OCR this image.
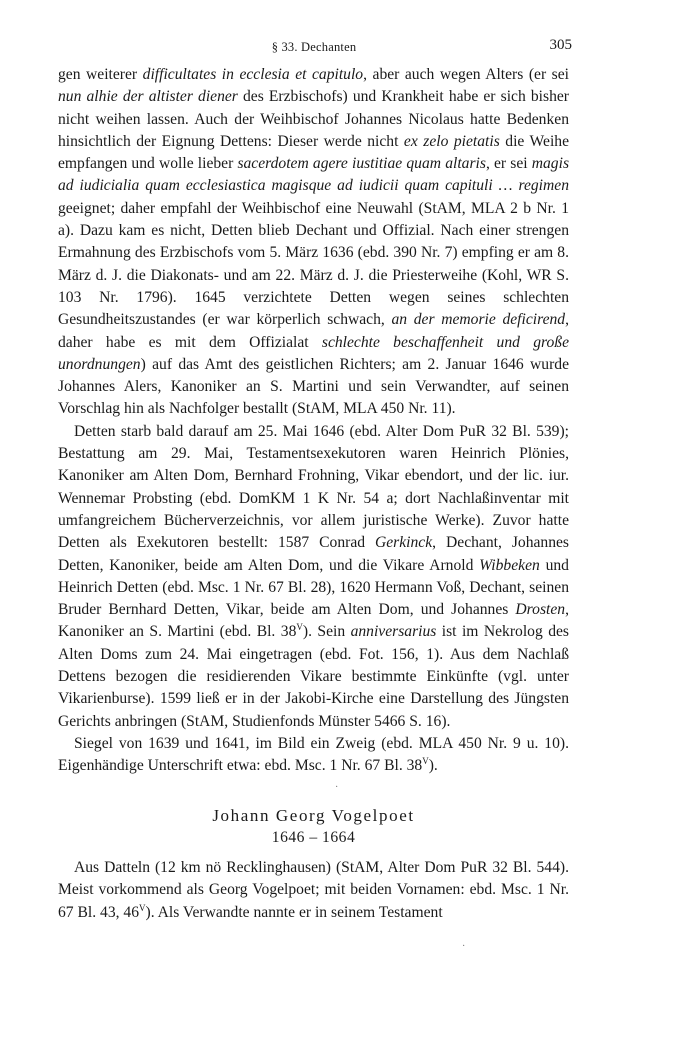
§ 33. Dechanten	305

gen weiterer difficultates in ecclesia et capitulo, aber auch wegen Alters (er sei nun alhie der altister diener des Erzbischofs) und Krankheit habe er sich bisher nicht weihen lassen. Auch der Weihbischof Johannes Nicolaus hatte Bedenken hinsichtlich der Eignung Dettens: Dieser werde nicht ex zelo pietatis die Weihe empfangen und wolle lieber sacerdotem agere iustitiae quam altaris, er sei magis ad iudicialia quam ecclesiastica magisque ad iudicii quam capituli … regimen geeignet; daher empfahl der Weihbischof eine Neuwahl (StAM, MLA 2 b Nr. 1 a). Dazu kam es nicht, Detten blieb Dechant und Offizial. Nach einer strengen Ermahnung des Erzbischofs vom 5. März 1636 (ebd. 390 Nr. 7) empfing er am 8. März d. J. die Diakonats- und am 22. März d. J. die Priesterweihe (Kohl, WR S. 103 Nr. 1796). 1645 verzichtete Detten wegen seines schlechten Gesundheitszustandes (er war körperlich schwach, an der memorie deficirend, daher habe es mit dem Offizialat schlechte beschaffenheit und große unordnungen) auf das Amt des geistlichen Richters; am 2. Januar 1646 wurde Johannes Alers, Kanoniker an S. Martini und sein Verwandter, auf seinen Vorschlag hin als Nachfolger bestallt (StAM, MLA 450 Nr. 11).

Detten starb bald darauf am 25. Mai 1646 (ebd. Alter Dom PuR 32 Bl. 539); Bestattung am 29. Mai, Testamentsexekutoren waren Heinrich Plönies, Kanoniker am Alten Dom, Bernhard Frohning, Vikar ebendort, und der lic. iur. Wennemar Probsting (ebd. DomKM 1 K Nr. 54 a; dort Nachlaßinventar mit umfangreichem Bücherverzeichnis, vor allem juristische Werke). Zuvor hatte Detten als Exekutoren bestellt: 1587 Conrad Gerkinck, Dechant, Johannes Detten, Kanoniker, beide am Alten Dom, und die Vikare Arnold Wibbeken und Heinrich Detten (ebd. Msc. 1 Nr. 67 Bl. 28), 1620 Hermann Voß, Dechant, seinen Bruder Bernhard Detten, Vikar, beide am Alten Dom, und Johannes Drosten, Kanoniker an S. Martini (ebd. Bl. $38^V$). Sein anniversarius ist im Nekrolog des Alten Doms zum 24. Mai eingetragen (ebd. Fot. 156, 1). Aus dem Nachlaß Dettens bezogen die residierenden Vikare bestimmte Einkünfte (vgl. unter Vikarienburse). 1599 ließ er in der Jakobi-Kirche eine Darstellung des Jüngsten Gerichts anbringen (StAM, Studienfonds Münster 5466 S. 16).

Siegel von 1639 und 1641, im Bild ein Zweig (ebd. MLA 450 Nr. 9 u. 10). Eigenhändige Unterschrift etwa: ebd. Msc. 1 Nr. 67 Bl. $38^V$).

·
Johann Georg Vogelpoet
1646 – 1664

Aus Datteln (12 km nö Recklinghausen) (StAM, Alter Dom PuR 32 Bl. 544). Meist vorkommend als Georg Vogelpoet; mit beiden Vornamen: ebd. Msc. 1 Nr. 67 Bl. 43, $46^V$). Als Verwandte nannte er in seinem Testament

·
